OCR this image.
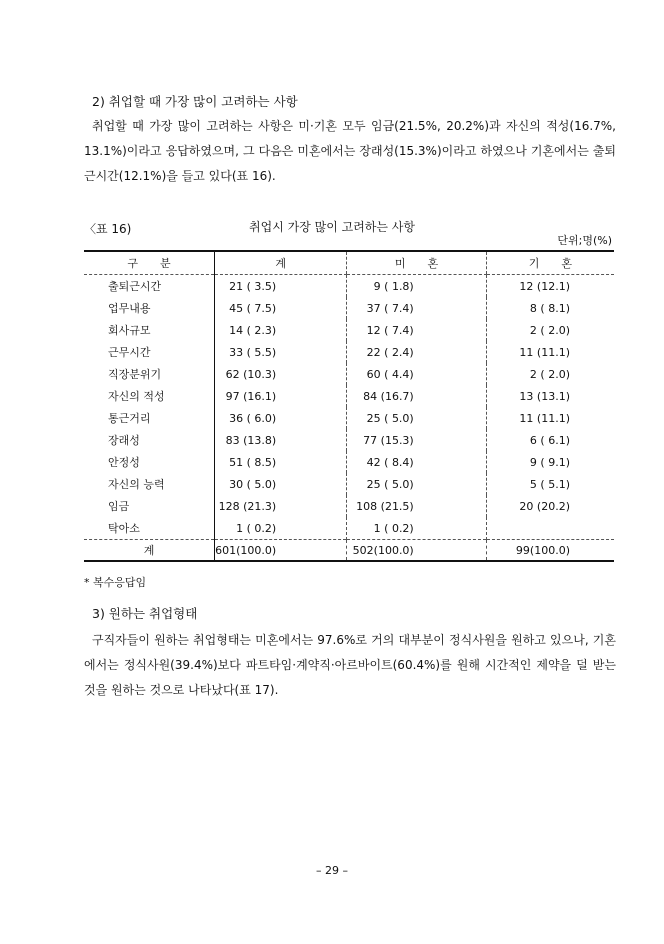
2) 취업할 때 가장 많이 고려하는 사항
취업할 때 가장 많이 고려하는 사항은 미·기혼 모두 임금(21.5%, 20.2%)과 자신의 적성(16.7%, 13.1%)이라고 응답하였으며, 그 다음은 미혼에서는 장래성(15.3%)이라고 하였으나 기혼에서는 출퇴근시간(12.1%)을 들고 있다(표 16).
〈표 16)	취업시 가장 많이 고려하는 사항
단위;명(%)
구　　분	계	미　　혼	기　　혼
출퇴근시간	21 ( 3.5)	9 ( 1.8)	12 (12.1)
업무내용	45 ( 7.5)	37 ( 7.4)	8 ( 8.1)
회사규모	14 ( 2.3)	12 ( 7.4)	2 ( 2.0)
근무시간	33 ( 5.5)	22 ( 2.4)	11 (11.1)
직장분위기	62 (10.3)	60 ( 4.4)	2 ( 2.0)
자신의 적성	97 (16.1)	84 (16.7)	13 (13.1)
통근거리	36 ( 6.0)	25 ( 5.0)	11 (11.1)
장래성	83 (13.8)	77 (15.3)	6 ( 6.1)
안정성	51 ( 8.5)	42 ( 8.4)	9 ( 9.1)
자신의 능력	30 ( 5.0)	25 ( 5.0)	5 ( 5.1)
임금	128 (21.3)	108 (21.5)	20 (20.2)
탁아소	1 ( 0.2)	1 ( 0.2)	
계	601(100.0)	502(100.0)	99(100.0)
* 복수응답임
3) 원하는 취업형태
구직자들이 원하는 취업형태는 미혼에서는 97.6%로 거의 대부분이 정식사원을 원하고 있으나, 기혼에서는 정식사원(39.4%)보다 파트타임·계약직·아르바이트(60.4%)를 원해 시간적인 제약을 덜 받는 것을 원하는 것으로 나타났다(표 17).
– 29 –
